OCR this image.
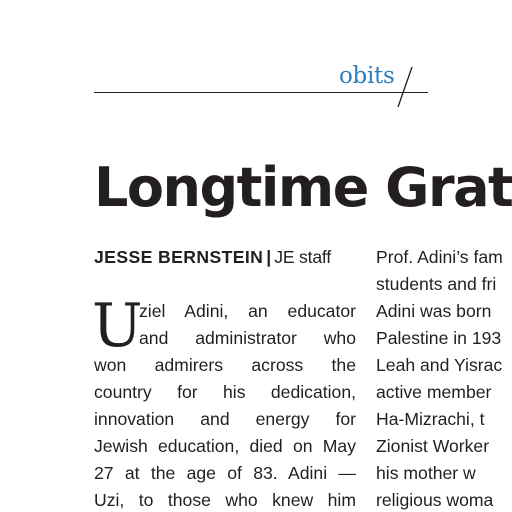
obits
Longtime Grat
JESSE BERNSTEIN | JE staff
U
ziel Adini, an educator
and administrator who
won admirers across the
country for his dedication,
innovation and energy for
Jewish education, died on May
27 at the age of 83. Adini —
Uzi, to those who knew him
Prof. Adini’s fam
students and fri
Adini was born
Palestine in 193
Leah and Yisrac
active member
Ha-Mizrachi, t
Zionist Worker
his mother w
religious woma
